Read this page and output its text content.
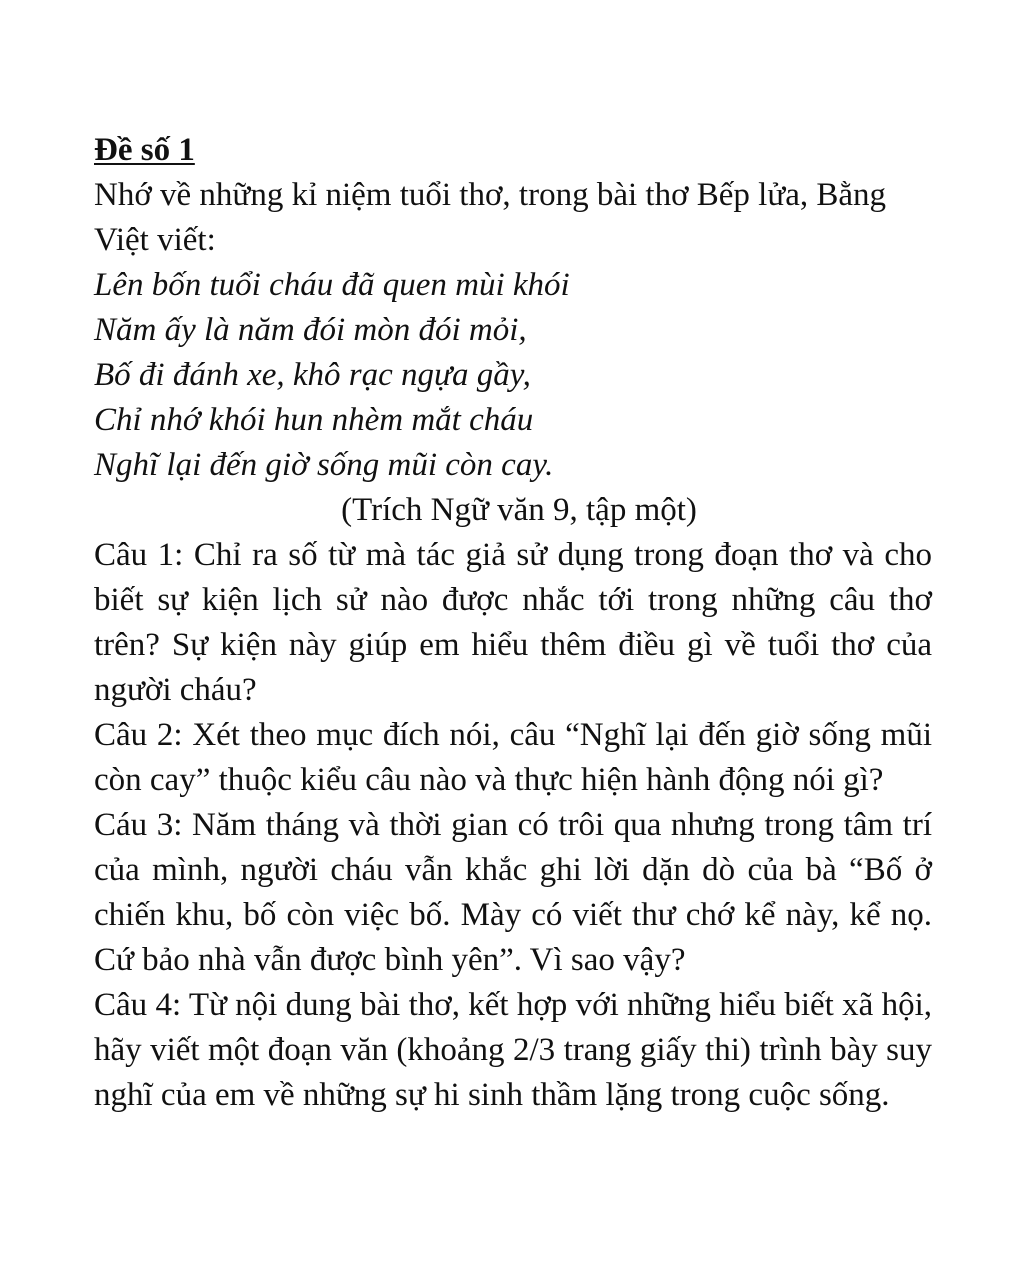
Đề số 1
Nhớ về những kỉ niệm tuổi thơ, trong bài thơ Bếp lửa, Bằng Việt viết:
Lên bốn tuổi cháu đã quen mùi khói
Năm ấy là năm đói mòn đói mỏi,
Bố đi đánh xe, khô rạc ngựa gầy,
Chỉ nhớ khói hun nhèm mắt cháu
Nghĩ lại đến giờ sống mũi còn cay.
(Trích Ngữ văn 9, tập một)
Câu 1: Chỉ ra số từ mà tác giả sử dụng trong đoạn thơ và cho biết sự kiện lịch sử nào được nhắc tới trong những câu thơ trên? Sự kiện này giúp em hiểu thêm điều gì về tuổi thơ của người cháu?
Câu 2: Xét theo mục đích nói, câu “Nghĩ lại đến giờ sống mũi còn cay” thuộc kiểu câu nào và thực hiện hành động nói gì?
Cáu 3: Năm tháng và thời gian có trôi qua nhưng trong tâm trí của mình, người cháu vẫn khắc ghi lời dặn dò của bà “Bố ở chiến khu, bố còn việc bố. Mày có viết thư chớ kể này, kể nọ. Cứ bảo nhà vẫn được bình yên”. Vì sao vậy?
Câu 4: Từ nội dung bài thơ, kết hợp với những hiểu biết xã hội, hãy viết một đoạn văn (khoảng 2/3 trang giấy thi) trình bày suy nghĩ của em về những sự hi sinh thầm lặng trong cuộc sống.
